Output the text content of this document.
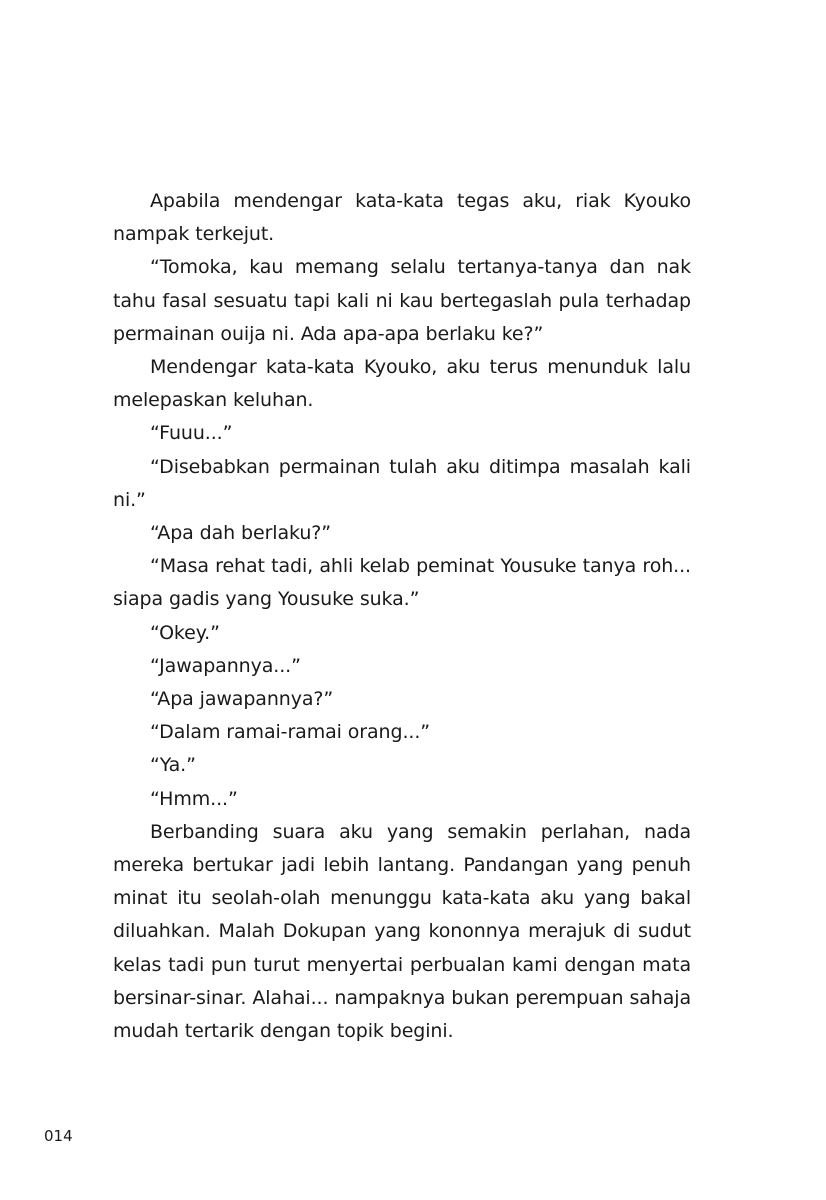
Apabila mendengar kata-kata tegas aku, riak Kyouko nampak terkejut.

“Tomoka, kau memang selalu tertanya-tanya dan nak tahu fasal sesuatu tapi kali ni kau bertegaslah pula terhadap permainan ouija ni. Ada apa-apa berlaku ke?”

Mendengar kata-kata Kyouko, aku terus menunduk lalu melepaskan keluhan.

“Fuuu...”

“Disebabkan permainan tulah aku ditimpa masalah kali ni.”

“Apa dah berlaku?”

“Masa rehat tadi, ahli kelab peminat Yousuke tanya roh... siapa gadis yang Yousuke suka.”

“Okey.”

“Jawapannya...”

“Apa jawapannya?”

“Dalam ramai-ramai orang...”

“Ya.”

“Hmm...”

Berbanding suara aku yang semakin perlahan, nada mereka bertukar jadi lebih lantang. Pandangan yang penuh minat itu seolah-olah menunggu kata-kata aku yang bakal diluahkan. Malah Dokupan yang kononnya merajuk di sudut kelas tadi pun turut menyertai perbualan kami dengan mata bersinar-sinar. Alahai... nampaknya bukan perempuan sahaja mudah tertarik dengan topik begini.

014
